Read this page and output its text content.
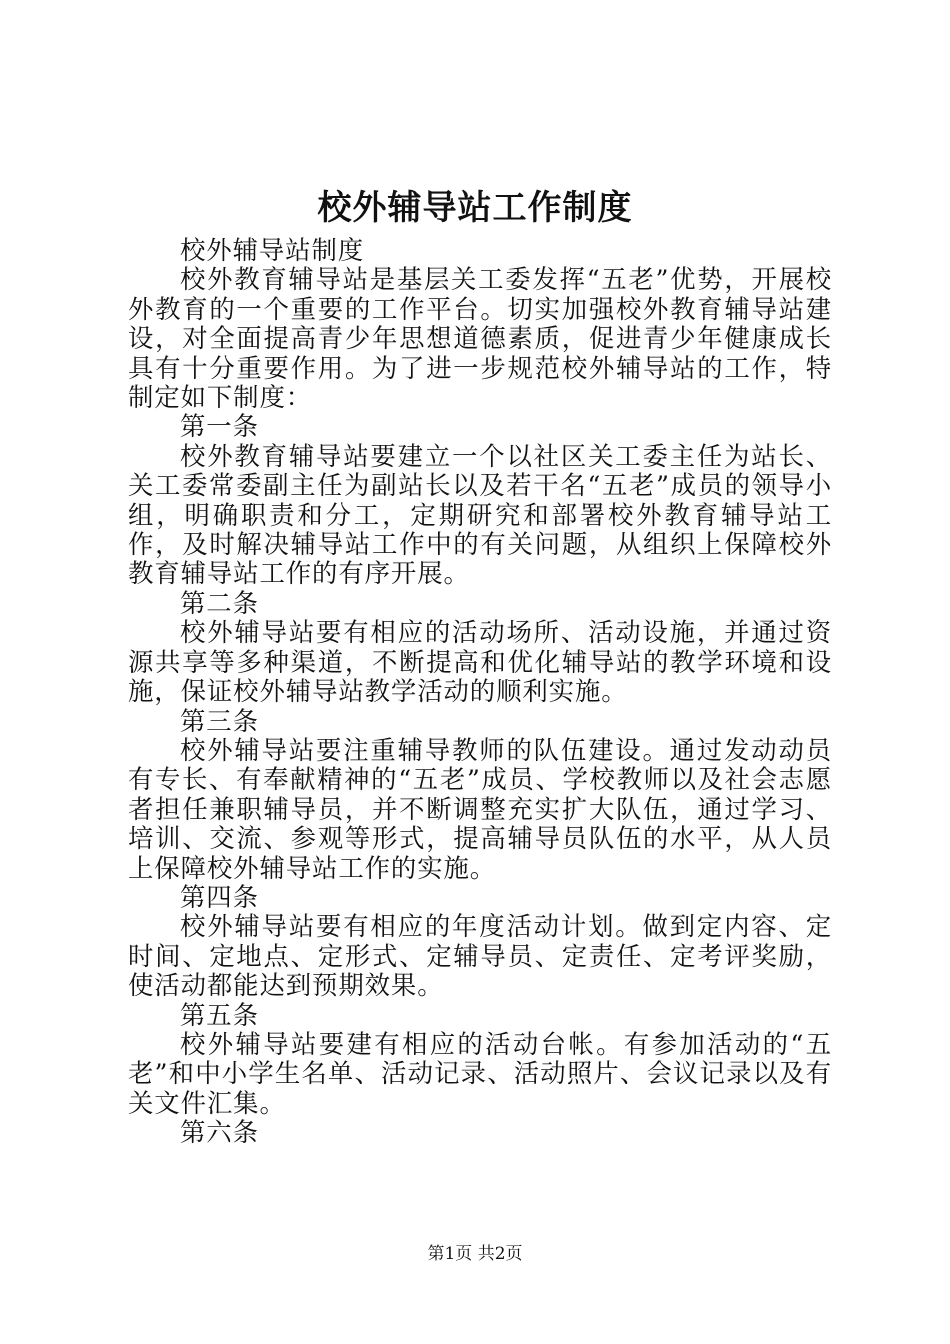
校外辅导站工作制度

校外辅导站制度

校外教育辅导站是基层关工委发挥“五老”优势，开展校外教育的一个重要的工作平台。切实加强校外教育辅导站建设，对全面提高青少年思想道德素质，促进青少年健康成长具有十分重要作用。为了进一步规范校外辅导站的工作，特制定如下制度：

第一条

校外教育辅导站要建立一个以社区关工委主任为站长、关工委常委副主任为副站长以及若干名“五老”成员的领导小组，明确职责和分工，定期研究和部署校外教育辅导站工作，及时解决辅导站工作中的有关问题，从组织上保障校外教育辅导站工作的有序开展。

第二条

校外辅导站要有相应的活动场所、活动设施，并通过资源共享等多种渠道，不断提高和优化辅导站的教学环境和设施，保证校外辅导站教学活动的顺利实施。

第三条

校外辅导站要注重辅导教师的队伍建设。通过发动动员有专长、有奉献精神的“五老”成员、学校教师以及社会志愿者担任兼职辅导员，并不断调整充实扩大队伍，通过学习、培训、交流、参观等形式，提高辅导员队伍的水平，从人员上保障校外辅导站工作的实施。

第四条

校外辅导站要有相应的年度活动计划。做到定内容、定时间、定地点、定形式、定辅导员、定责任、定考评奖励，使活动都能达到预期效果。

第五条

校外辅导站要建有相应的活动台帐。有参加活动的“五老”和中小学生名单、活动记录、活动照片、会议记录以及有关文件汇集。

第六条

第1页 共2页
